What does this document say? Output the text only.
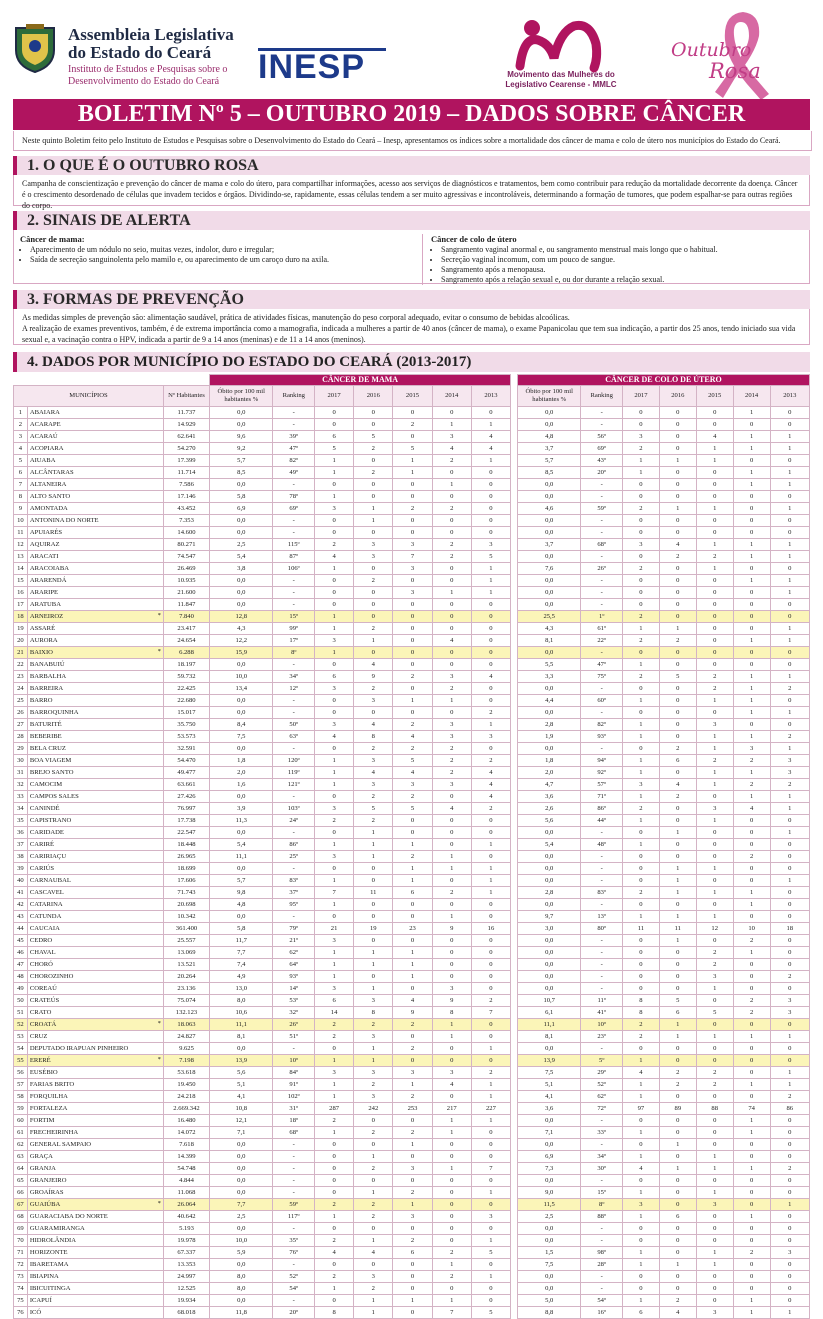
Assembleia Legislativa
do Estado do Ceará
Instituto de Estudos e Pesquisas sobre o
Desenvolvimento do Estado do Ceará INESP	Movimento das Mulheres do
Legislativo Cearense - MMLC
Outubro
Rosa
BOLETIM Nº 5 – OUTUBRO 2019 – DADOS SOBRE CÂNCER
Neste quinto Boletim feito pelo Instituto de Estudos e Pesquisas sobre o Desenvolvimento do Estado do Ceará – Inesp, apresentamos os índices sobre a mortalidade dos câncer de mama e colo de útero nos municípios do Estado do Ceará.
1. O QUE É O OUTUBRO ROSA
Campanha de conscientização e prevenção do câncer de mama e colo do útero, para compartilhar informações, acesso aos serviços de diagnósticos e tratamentos, bem como contribuir para redução da mortalidade decorrente da doença. Câncer é o crescimento desordenado de células que invadem tecidos e órgãos. Dividindo-se, rapidamente, essas células tendem a ser muito agressivas e incontroláveis, determinando a formação de tumores, que podem espalhar-se para outras regiões do corpo.
2. SINAIS DE ALERTA
Câncer de mama:
• Aparecimento de um nódulo no seio, muitas vezes, indolor, duro e irregular;
• Saída de secreção sanguinolenta pelo mamilo e, ou aparecimento de um caroço duro na axila.
Câncer de colo de útero
• Sangramento vaginal anormal e, ou sangramento menstrual mais longo que o habitual.
• Secreção vaginal incomum, com um pouco de sangue.
• Sangramento após a menopausa.
• Sangramento após a relação sexual e, ou dor durante a relação sexual.
3. FORMAS DE PREVENÇÃO
As medidas simples de prevenção são: alimentação saudável, prática de atividades físicas, manutenção do peso corporal adequado, evitar o consumo de bebidas alcoólicas.
A realização de exames preventivos, também, é de extrema importância como a mamografia, indicada a mulheres a partir de 40 anos (câncer de mama), o exame Papanicolau que tem sua indicação, a partir dos 25 anos, tendo iniciado sua vida sexual e, a vacinação contra o HPV, indicada a partir de 9 a 14 anos (meninas) e de 11 a 14 anos (meninos).
4. DADOS POR MUNICÍPIO DO ESTADO DO CEARÁ (2013-2017)
			CÂNCER DE MAMA								CÂNCER DE COLO DE ÚTERO						
MUNICÍPIOS		Nº Habitantes	Óbito por 100 mil habitantes %	Ranking	2017	2016	2015	2014	2013		Óbito por 100 mil habitantes %	Ranking	2017	2016	2015	2014	2013
1	ABAIARA	11.737	0,0	-	0	0	0	0	0		0,0	-	0	0	0	1	0
2	ACARAPE	14.929	0,0	-	0	0	2	1	1		0,0	-	0	0	0	0	0
3	ACARAÚ	62.641	9,6	39º	6	5	0	3	4		4,8	56º	3	0	4	1	1
4	ACOPIARA	54.270	9,2	47º	5	2	5	4	4		3,7	69º	2	0	1	1	1
5	AIUABA	17.399	5,7	82º	1	0	1	2	1		5,7	43º	1	1	1	0	0
6	ALCÂNTARAS	11.714	8,5	49º	1	2	1	0	0		8,5	20º	1	0	0	1	1
7	ALTANEIRA	7.586	0,0	-	0	0	0	1	0		0,0	-	0	0	0	1	1
8	ALTO SANTO	17.146	5,8	78º	1	0	0	0	0		0,0	-	0	0	0	0	0
9	AMONTADA	43.452	6,9	69º	3	1	2	2	0		4,6	59º	2	1	1	0	1
10	ANTONINA DO NORTE	7.353	0,0	-	0	1	0	0	0		0,0	-	0	0	0	0	0
11	APUIARÉS	14.600	0,0	-	0	0	0	0	0		0,0	-	0	0	0	0	0
12	AQUIRAZ	80.271	2,5	115º	2	3	3	2	3		3,7	68º	3	4	1	1	1
13	ARACATI	74.547	5,4	87º	4	3	7	2	5		0,0	-	0	2	2	1	1
14	ARACOIABA	26.469	3,8	106º	1	0	3	0	1		7,6	26º	2	0	1	0	0
15	ARARENDÁ	10.935	0,0	-	0	2	0	0	1		0,0	-	0	0	0	1	1
16	ARARIPE	21.600	0,0	-	0	0	3	1	1		0,0	-	0	0	0	0	1
17	ARATUBA	11.847	0,0	-	0	0	0	0	0		0,0	-	0	0	0	0	0
18	ARNEIROZ *	7.840	12,8	15º	1	0	0	0	0		25,5	1º	2	0	0	0	0
19	ASSARÉ	23.417	4,3	99º	1	2	0	0	0		4,3	61º	1	1	0	0	1
20	AURORA	24.654	12,2	17º	3	1	0	4	0		8,1	22º	2	2	0	1	1
21	BAIXIO *	6.288	15,9	8º	1	0	0	0	0		0,0	-	0	0	0	0	0
22	BANABUIÚ	18.197	0,0	-	0	4	0	0	0		5,5	47º	1	0	0	0	0
23	BARBALHA	59.732	10,0	34º	6	9	2	3	4		3,3	75º	2	5	2	1	1
24	BARREIRA	22.425	13,4	12º	3	2	0	2	0		0,0	-	0	0	2	1	2
25	BARRO	22.680	0,0	-	0	3	1	1	0		4,4	60º	1	0	1	1	0
26	BARROQUINHA	15.017	0,0	-	0	0	0	0	2		0,0	-	0	0	0	1	1
27	BATURITÉ	35.750	8,4	50º	3	4	2	3	1		2,8	82º	1	0	3	0	0
28	BEBERIBE	53.573	7,5	63º	4	8	4	3	3		1,9	93º	1	0	1	1	2
29	BELA CRUZ	32.591	0,0	-	0	2	2	2	0		0,0	-	0	2	1	3	1
30	BOA VIAGEM	54.470	1,8	120º	1	3	5	2	2		1,8	94º	1	6	2	2	3
31	BREJO SANTO	49.477	2,0	119º	1	4	4	2	4		2,0	92º	1	0	1	1	3
32	CAMOCIM	63.661	1,6	121º	1	3	3	3	4		4,7	57º	3	4	1	2	2
33	CAMPOS SALES	27.426	0,0	-	0	2	2	0	4		3,6	71º	1	2	0	1	1
34	CANINDÉ	76.997	3,9	103º	3	5	5	4	2		2,6	86º	2	0	3	4	1
35	CAPISTRANO	17.738	11,3	24º	2	2	0	0	0		5,6	44º	1	0	1	0	0
36	CARIDADE	22.547	0,0	-	0	1	0	0	0		0,0	-	0	1	0	0	1
37	CARIRÉ	18.448	5,4	86º	1	1	1	0	1		5,4	48º	1	0	0	0	0
38	CARIRIAÇU	26.965	11,1	25º	3	1	2	1	0		0,0	-	0	0	0	2	0
39	CARIÚS	18.699	0,0	-	0	0	1	1	1		0,0	-	0	1	1	0	0
40	CARNAUBAL	17.606	5,7	83º	1	0	1	0	1		0,0	-	0	1	0	0	1
41	CASCAVEL	71.743	9,8	37º	7	11	6	2	1		2,8	83º	2	1	1	1	0
42	CATARINA	20.698	4,8	95º	1	0	0	0	0		0,0	-	0	0	0	1	0
43	CATUNDA	10.342	0,0	-	0	0	0	1	0		9,7	13º	1	1	1	0	0
44	CAUCAIA	361.400	5,8	79º	21	19	23	9	16		3,0	80º	11	11	12	10	18
45	CEDRO	25.557	11,7	21º	3	0	0	0	0		0,0	-	0	1	0	2	0
46	CHAVAL	13.069	7,7	62º	1	1	1	0	0		0,0	-	0	0	2	1	0
47	CHORÓ	13.521	7,4	64º	1	1	1	0	0		0,0	-	0	0	2	0	0
48	CHOROZINHO	20.264	4,9	93º	1	0	1	0	0		0,0	-	0	0	3	0	2
49	COREAÚ	23.136	13,0	14º	3	1	0	3	0		0,0	-	0	0	1	0	0
50	CRATEÚS	75.074	8,0	53º	6	3	4	9	2		10,7	11º	8	5	0	2	3
51	CRATO	132.123	10,6	32º	14	8	9	8	7		6,1	41º	8	6	5	2	3
52	CROATÁ *	18.063	11,1	26º	2	2	2	1	0		11,1	10º	2	1	0	0	0
53	CRUZ	24.827	8,1	51º	2	3	0	1	0		8,1	23º	2	1	1	1	1
54	DEPUTADO IRAPUAN PINHEIRO	9.625	0,0	-	0	1	2	0	1		0,0	-	0	0	0	0	0
55	ERERÉ *	7.198	13,9	10º	1	1	0	0	0		13,9	5º	1	0	0	0	0
56	EUSÉBIO	53.618	5,6	84º	3	3	3	3	2		7,5	29º	4	2	2	0	1
57	FARIAS BRITO	19.450	5,1	91º	1	2	1	4	1		5,1	52º	1	2	2	1	1
58	FORQUILHA	24.218	4,1	102º	1	3	2	0	1		4,1	62º	1	0	0	0	2
59	FORTALEZA	2.669.342	10,8	31º	287	242	253	217	227		3,6	72º	97	89	88	74	86
60	FORTIM	16.480	12,1	18º	2	0	0	1	1		0,0	-	0	0	0	1	0
61	FRECHEIRINHA	14.072	7,1	68º	1	2	2	1	0		7,1	33º	1	0	0	1	0
62	GENERAL SAMPAIO	7.618	0,0	-	0	0	1	0	0		0,0	-	0	1	0	0	0
63	GRAÇA	14.399	0,0	-	0	1	0	0	0		6,9	34º	1	0	1	0	0
64	GRANJA	54.748	0,0	-	0	2	3	1	7		7,3	30º	4	1	1	1	2
65	GRANJEIRO	4.844	0,0	-	0	0	0	0	0		0,0	-	0	0	0	0	0
66	GROAÍRAS	11.068	0,0	-	0	1	2	0	1		9,0	15º	1	0	1	0	0
67	GUAIÚBA *	26.064	7,7	59º	2	2	1	0	0		11,5	8º	3	0	3	0	1
68	GUARACIABA DO NORTE	40.642	2,5	117º	1	2	3	0	3		2,5	88º	1	6	0	1	0
69	GUARAMIRANGA	5.193	0,0	-	0	0	0	0	0		0,0	-	0	0	0	0	0
70	HIDROLÂNDIA	19.978	10,0	35º	2	1	2	0	1		0,0	-	0	0	0	0	0
71	HORIZONTE	67.337	5,9	76º	4	4	6	2	5		1,5	98º	1	0	1	2	3
72	IBARETAMA	13.353	0,0	-	0	0	0	1	0		7,5	28º	1	1	1	0	0
73	IBIAPINA	24.997	8,0	52º	2	3	0	2	1		0,0	-	0	0	0	0	0
74	IBICUITINGA	12.525	8,0	54º	1	2	0	0	0		0,0	-	0	0	0	0	0
75	ICAPUÍ	19.934	0,0	-	0	1	1	1	0		5,0	54º	1	2	0	1	0
76	ICÓ	68.018	11,8	20º	8	1	0	7	5		8,8	16º	6	4	3	1	1
